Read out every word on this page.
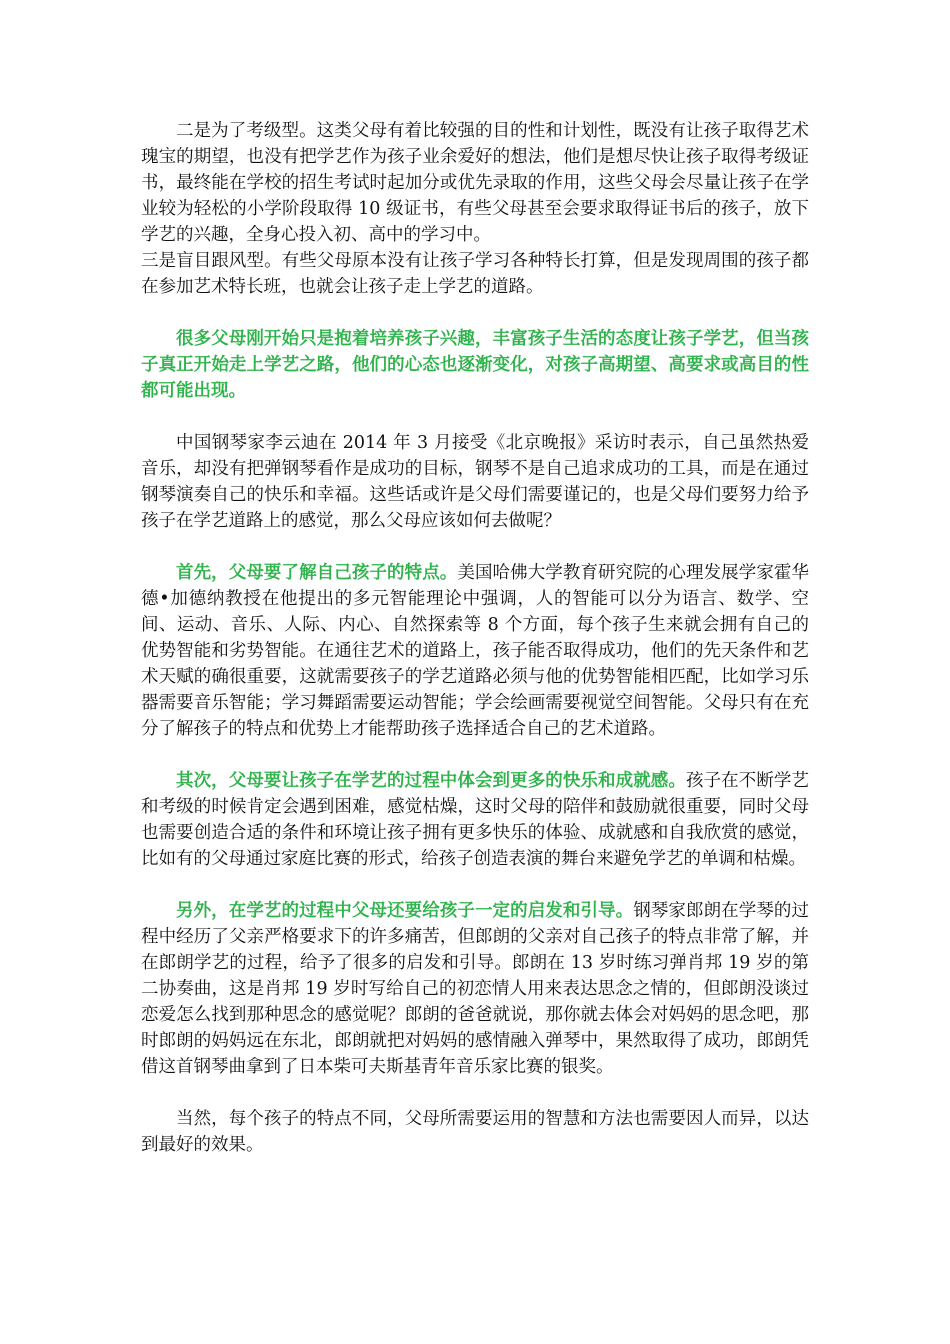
二是为了考级型。这类父母有着比较强的目的性和计划性，既没有让孩子取得艺术瑰宝的期望，也没有把学艺作为孩子业余爱好的想法，他们是想尽快让孩子取得考级证书，最终能在学校的招生考试时起加分或优先录取的作用，这些父母会尽量让孩子在学业较为轻松的小学阶段取得 10 级证书，有些父母甚至会要求取得证书后的孩子，放下学艺的兴趣，全身心投入初、高中的学习中。

三是盲目跟风型。有些父母原本没有让孩子学习各种特长打算，但是发现周围的孩子都在参加艺术特长班，也就会让孩子走上学艺的道路。

很多父母刚开始只是抱着培养孩子兴趣，丰富孩子生活的态度让孩子学艺，但当孩子真正开始走上学艺之路，他们的心态也逐渐变化，对孩子高期望、高要求或高目的性都可能出现。

中国钢琴家李云迪在 2014 年 3 月接受《北京晚报》采访时表示，自己虽然热爱音乐，却没有把弹钢琴看作是成功的目标，钢琴不是自己追求成功的工具，而是在通过钢琴演奏自己的快乐和幸福。这些话或许是父母们需要谨记的，也是父母们要努力给予孩子在学艺道路上的感觉，那么父母应该如何去做呢？

首先，父母要了解自己孩子的特点。美国哈佛大学教育研究院的心理发展学家霍华德•加德纳教授在他提出的多元智能理论中强调，人的智能可以分为语言、数学、空间、运动、音乐、人际、内心、自然探索等 8 个方面，每个孩子生来就会拥有自己的优势智能和劣势智能。在通往艺术的道路上，孩子能否取得成功，他们的先天条件和艺术天赋的确很重要，这就需要孩子的学艺道路必须与他的优势智能相匹配，比如学习乐器需要音乐智能；学习舞蹈需要运动智能；学会绘画需要视觉空间智能。父母只有在充分了解孩子的特点和优势上才能帮助孩子选择适合自己的艺术道路。

其次，父母要让孩子在学艺的过程中体会到更多的快乐和成就感。孩子在不断学艺和考级的时候肯定会遇到困难，感觉枯燥，这时父母的陪伴和鼓励就很重要，同时父母也需要创造合适的条件和环境让孩子拥有更多快乐的体验、成就感和自我欣赏的感觉，比如有的父母通过家庭比赛的形式，给孩子创造表演的舞台来避免学艺的单调和枯燥。

另外，在学艺的过程中父母还要给孩子一定的启发和引导。钢琴家郎朗在学琴的过程中经历了父亲严格要求下的许多痛苦，但郎朗的父亲对自己孩子的特点非常了解，并在郎朗学艺的过程，给予了很多的启发和引导。郎朗在 13 岁时练习弹肖邦 19 岁的第二协奏曲，这是肖邦 19 岁时写给自己的初恋情人用来表达思念之情的，但郎朗没谈过恋爱怎么找到那种思念的感觉呢？郎朗的爸爸就说，那你就去体会对妈妈的思念吧，那时郎朗的妈妈远在东北，郎朗就把对妈妈的感情融入弹琴中，果然取得了成功，郎朗凭借这首钢琴曲拿到了日本柴可夫斯基青年音乐家比赛的银奖。

当然，每个孩子的特点不同，父母所需要运用的智慧和方法也需要因人而异，以达到最好的效果。
